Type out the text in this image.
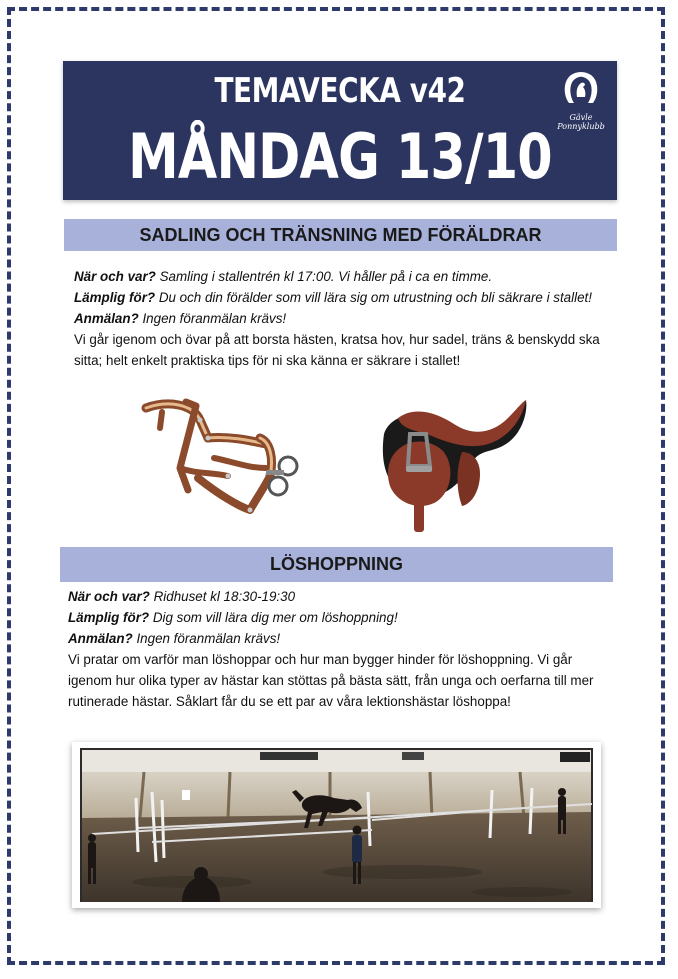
TEMAVECKA v42
MÅNDAG 13/10
Gävle
Ponnyklubb
SADLING OCH TRÄNSNING MED FÖRÄLDRAR

När och var? Samling i stallentrén kl 17:00. Vi håller på i ca en timme.

Lämplig för? Du och din förälder som vill lära sig om utrustning och bli säkrare i stallet!

Anmälan? Ingen föranmälan krävs!

Vi går igenom och övar på att borsta hästen, kratsa hov, hur sadel, träns & benskydd ska sitta; helt enkelt praktiska tips för ni ska känna er säkrare i stallet!

LÖSHOPPNING

När och var? Ridhuset kl 18:30-19:30

Lämplig för? Dig som vill lära dig mer om löshoppning!

Anmälan? Ingen föranmälan krävs!

Vi pratar om varför man löshoppar och hur man bygger hinder för löshoppning. Vi går igenom hur olika typer av hästar kan stöttas på bästa sätt, från unga och oerfarna till mer rutinerade hästar. Såklart får du se ett par av våra lektionshästar löshoppa!
